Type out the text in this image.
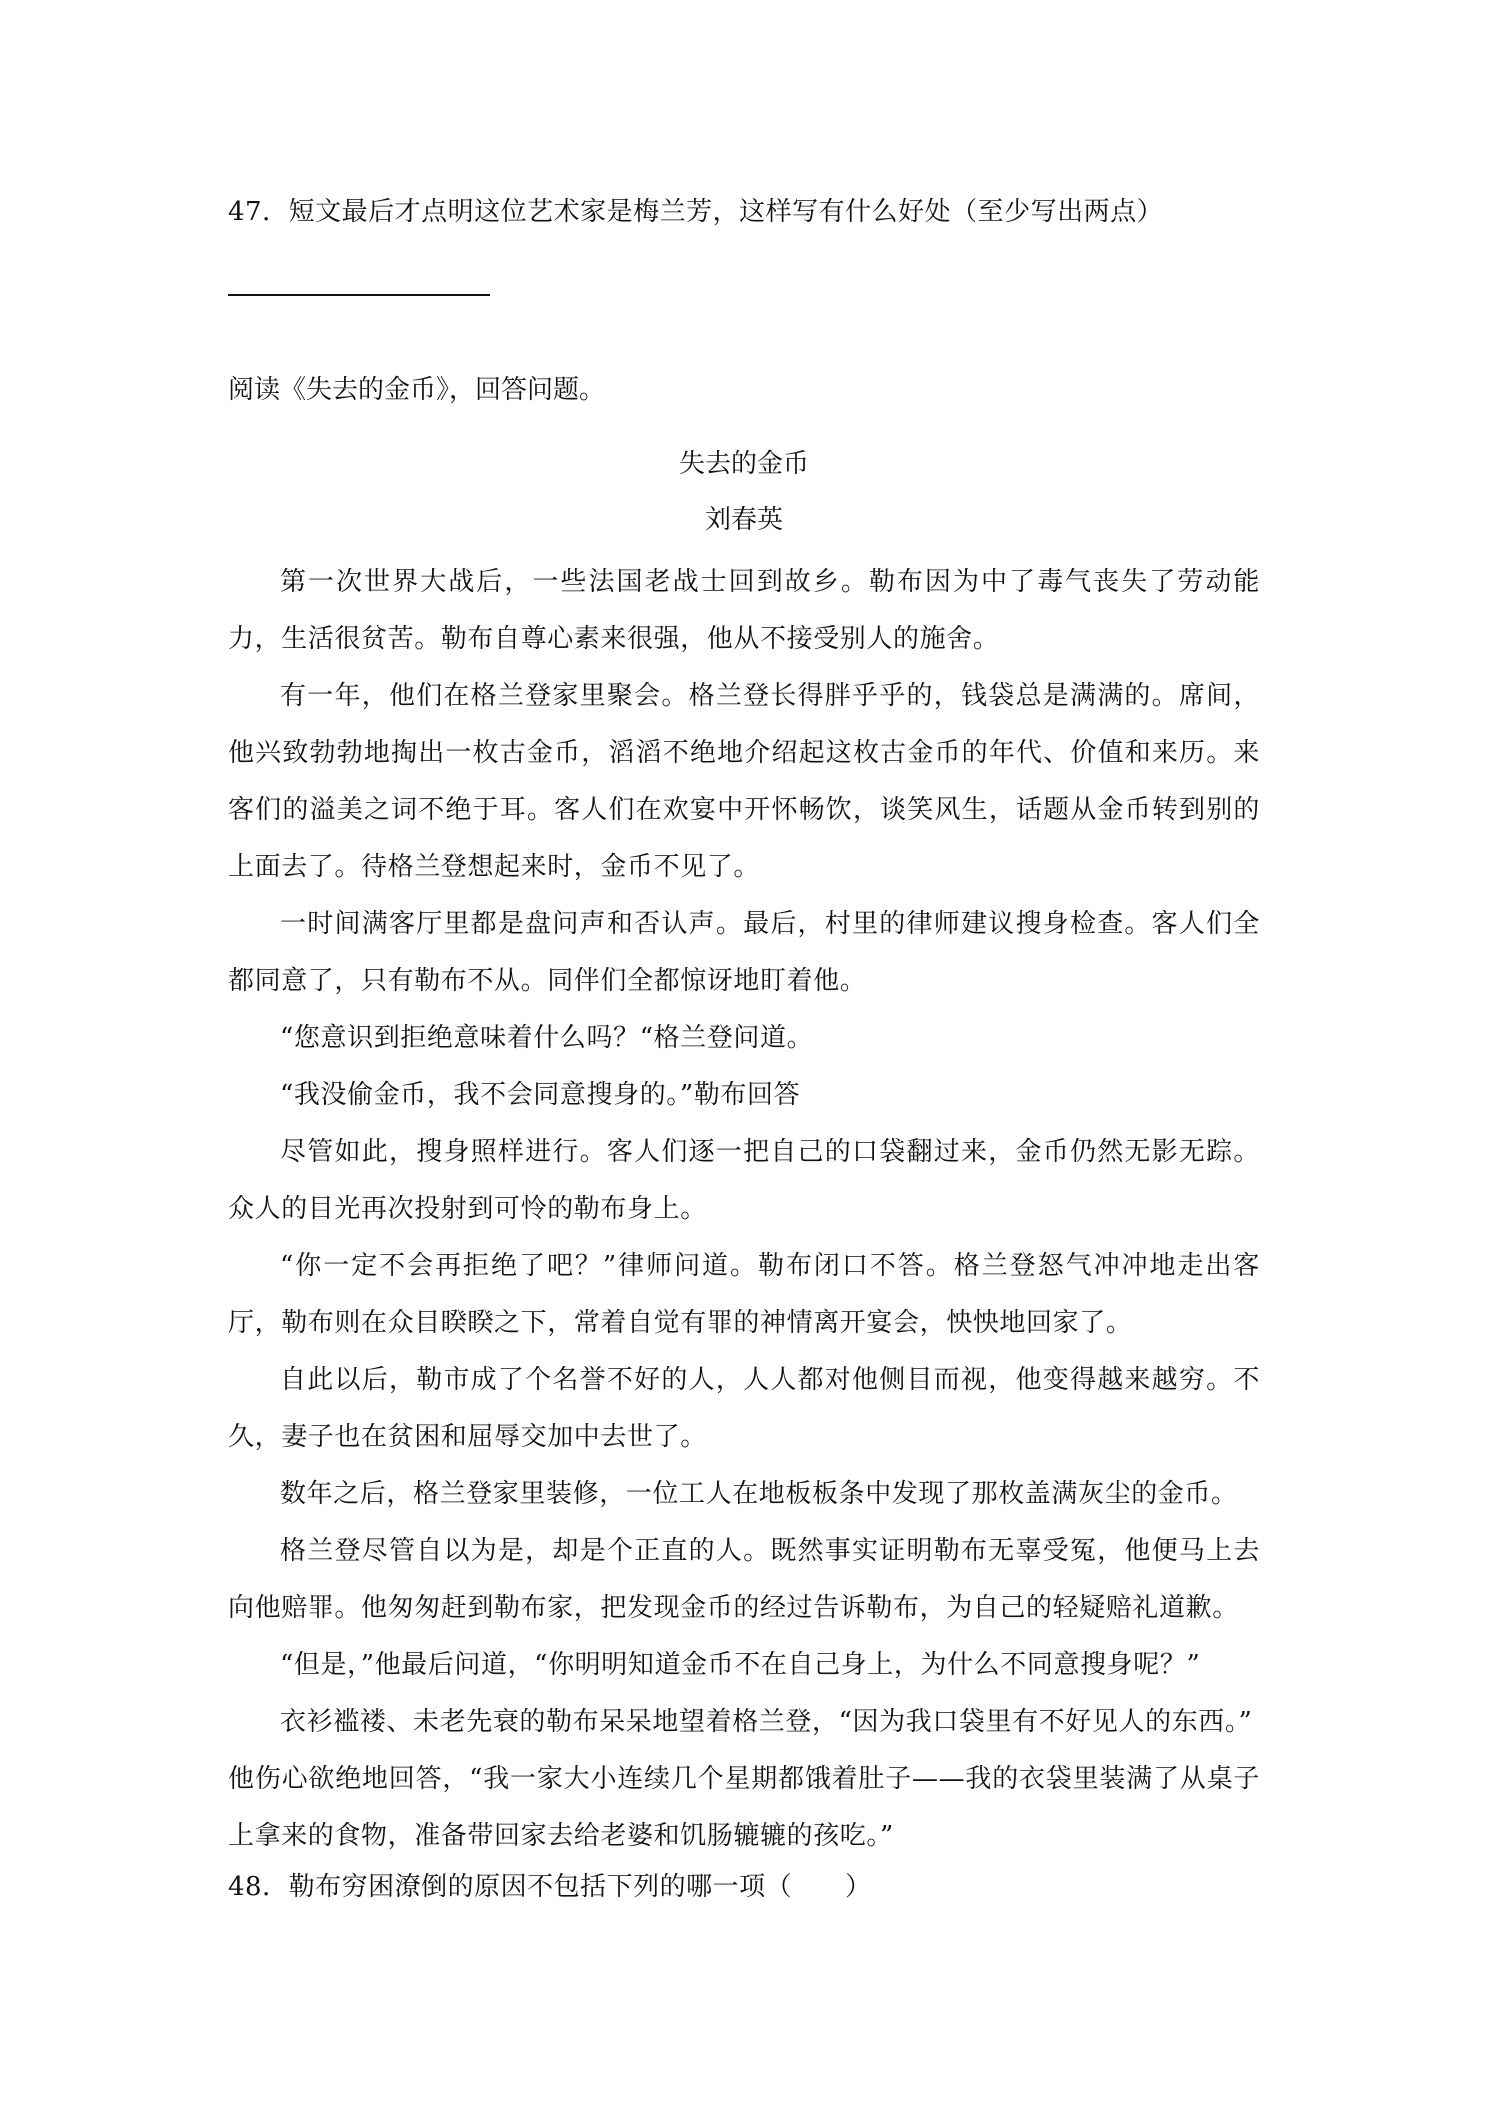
47．短文最后才点明这位艺术家是梅兰芳，这样写有什么好处（至少写出两点）

阅读《失去的金币》，回答问题。
失去的金币
刘春英

第一次世界大战后，一些法国老战士回到故乡。勒布因为中了毒气丧失了劳动能力，生活很贫苦。勒布自尊心素来很强，他从不接受别人的施舍。

有一年，他们在格兰登家里聚会。格兰登长得胖乎乎的，钱袋总是满满的。席间，他兴致勃勃地掏出一枚古金币，滔滔不绝地介绍起这枚古金币的年代、价值和来历。来客们的溢美之词不绝于耳。客人们在欢宴中开怀畅饮，谈笑风生，话题从金币转到别的上面去了。待格兰登想起来时，金币不见了。

一时间满客厅里都是盘问声和否认声。最后，村里的律师建议搜身检查。客人们全都同意了，只有勒布不从。同伴们全都惊讶地盯着他。

“您意识到拒绝意味着什么吗？“格兰登问道。

“我没偷金币，我不会同意搜身的。”勒布回答

尽管如此，搜身照样进行。客人们逐一把自己的口袋翻过来，金币仍然无影无踪。众人的目光再次投射到可怜的勒布身上。

“你一定不会再拒绝了吧？”律师问道。勒布闭口不答。格兰登怒气冲冲地走出客厅，勒布则在众目睽睽之下，常着自觉有罪的神情离开宴会，怏怏地回家了。

自此以后，勒市成了个名誉不好的人，人人都对他侧目而视，他变得越来越穷。不久，妻子也在贫困和屈辱交加中去世了。

数年之后，格兰登家里装修，一位工人在地板板条中发现了那枚盖满灰尘的金币。

格兰登尽管自以为是，却是个正直的人。既然事实证明勒布无辜受冤，他便马上去向他赔罪。他匆匆赶到勒布家，把发现金币的经过告诉勒布，为自己的轻疑赔礼道歉。

“但是，”他最后问道，“你明明知道金币不在自己身上，为什么不同意搜身呢？”

衣衫褴褛、未老先衰的勒布呆呆地望着格兰登，“因为我口袋里有不好见人的东西。”

他伤心欲绝地回答，“我一家大小连续几个星期都饿着肚子——我的衣袋里装满了从桌子上拿来的食物，准备带回家去给老婆和饥肠辘辘的孩吃。”

48．勒布穷困潦倒的原因不包括下列的哪一项（　　）
